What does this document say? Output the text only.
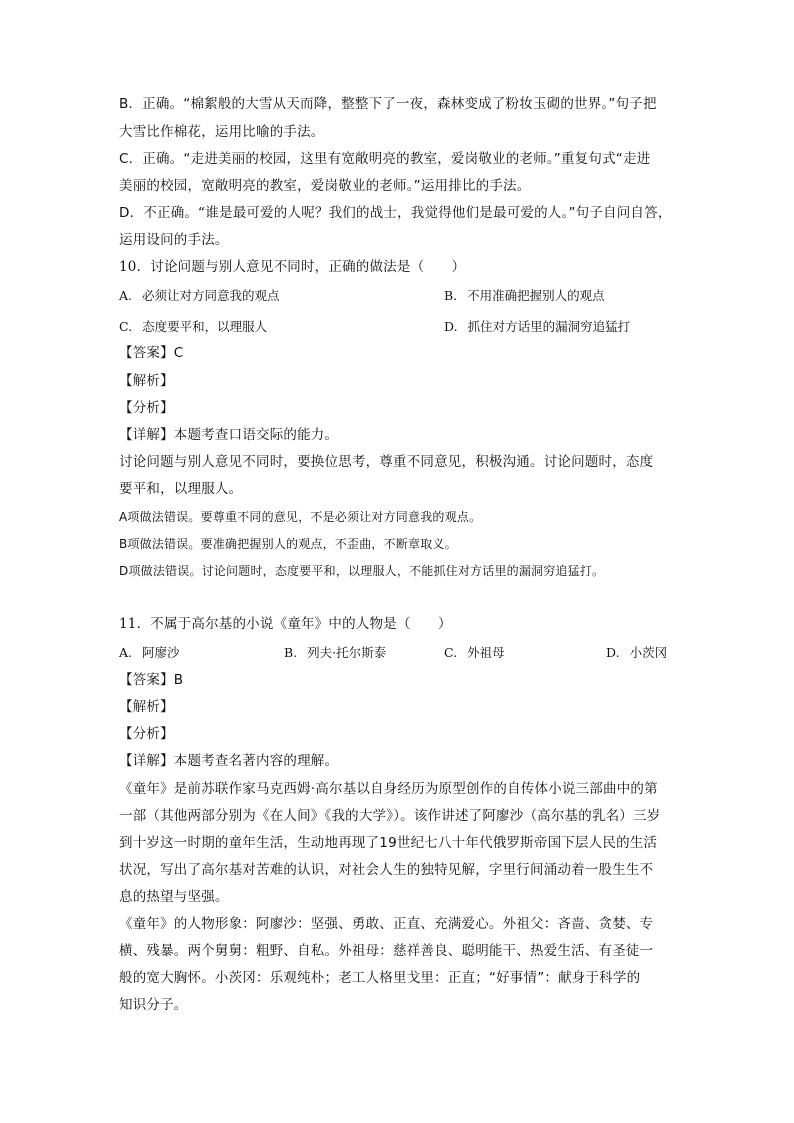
B．正确。“棉絮般的大雪从天而降，整整下了一夜，森林变成了粉妆玉砌的世界。”句子把
大雪比作棉花，运用比喻的手法。
C．正确。“走进美丽的校园，这里有宽敞明亮的教室，爱岗敬业的老师。”重复句式“走进
美丽的校园，宽敞明亮的教室，爱岗敬业的老师。”运用排比的手法。
D．不正确。“谁是最可爱的人呢？我们的战士，我觉得他们是最可爱的人。”句子自问自答，
运用设问的手法。
10．讨论问题与别人意见不同时，正确的做法是（　　）
A. 必须让对方同意我的观点	B. 不用准确把握别人的观点
C. 态度要平和，以理服人	D. 抓住对方话里的漏洞穷追猛打
【答案】C
【解析】
【分析】
【详解】本题考查口语交际的能力。
讨论问题与别人意见不同时，要换位思考，尊重不同意见，积极沟通。讨论问题时，态度
要平和，以理服人。
A项做法错误。要尊重不同的意见，不是必须让对方同意我的观点。
B项做法错误。要准确把握别人的观点，不歪曲，不断章取义。
D项做法错误。讨论问题时，态度要平和，以理服人，不能抓住对方话里的漏洞穷追猛打。
11．不属于高尔基的小说《童年》中的人物是（　　）
A. 阿廖沙	B. 列夫·托尔斯泰	C. 外祖母	D. 小茨冈
【答案】B
【解析】
【分析】
【详解】本题考查名著内容的理解。
《童年》是前苏联作家马克西姆·高尔基以自身经历为原型创作的自传体小说三部曲中的第
一部（其他两部分别为《在人间》《我的大学》）。该作讲述了阿廖沙（高尔基的乳名）三岁
到十岁这一时期的童年生活，生动地再现了19世纪七八十年代俄罗斯帝国下层人民的生活
状况，写出了高尔基对苦难的认识，对社会人生的独特见解，字里行间涌动着一股生生不
息的热望与坚强。
《童年》的人物形象：阿廖沙：坚强、勇敢、正直、充满爱心。外祖父：吝啬、贪婪、专
横、残暴。两个舅舅：粗野、自私。外祖母：慈祥善良、聪明能干、热爱生活、有圣徒一
般的宽大胸怀。小茨冈：乐观纯朴；老工人格里戈里：正直；“好事情”：献身于科学的
知识分子。
